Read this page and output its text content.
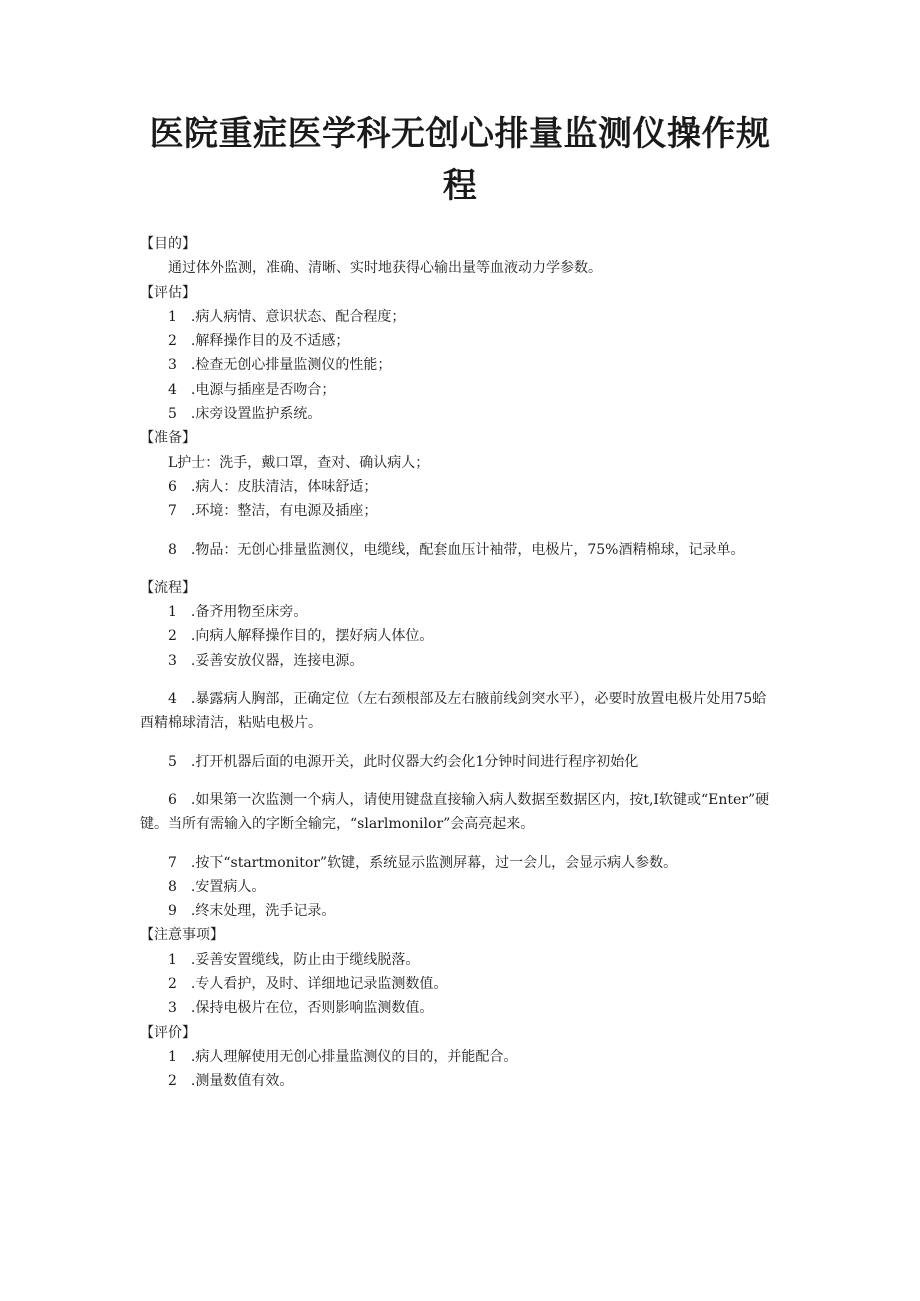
医院重症医学科无创心排量监测仪操作规程

【目的】

通过体外监测，准确、清晰、实时地获得心输出量等血液动力学参数。

【评估】

1　.病人病情、意识状态、配合程度；

2　.解释操作目的及不适感；

3　.检查无创心排量监测仪的性能；

4　.电源与插座是否吻合；

5　.床旁设置监护系统。

【准备】

L护士：洗手，戴口罩，查对、确认病人；

6　.病人：皮肤清洁，体味舒适；

7　.环境：整洁，有电源及插座；

8　.物品：无创心排量监测仪，电缆线，配套血压计袖带，电极片，75%酒精棉球，记录单。

【流程】

1　.备齐用物至床旁。

2　.向病人解释操作目的，摆好病人体位。

3　.妥善安放仪器，连接电源。

4　.暴露病人胸部，正确定位（左右颈根部及左右腋前线剑突水平），必要时放置电极片处用75蛤酉精棉球清洁，粘贴电极片。

5　.打开机器后面的电源开关，此时仪器大约会化1分钟时间进行程序初始化

6　.如果第一次监测一个病人，请使用键盘直接输入病人数据至数据区内，按t,I软键或“Enter”硬键。当所有需输入的字断全输完，“slarlmonilor”会高亮起来。

7　.按下“startmonitor”软键，系统显示监测屏幕，过一会儿，会显示病人参数。

8　.安置病人。

9　.终末处理，洗手记录。

【注意事项】

1　.妥善安置缆线，防止由于缆线脱落。

2　.专人看护，及时、详细地记录监测数值。

3　.保持电极片在位，否则影响监测数值。

【评价】

1　.病人理解使用无创心排量监测仪的目的，并能配合。

2　.测量数值有效。
